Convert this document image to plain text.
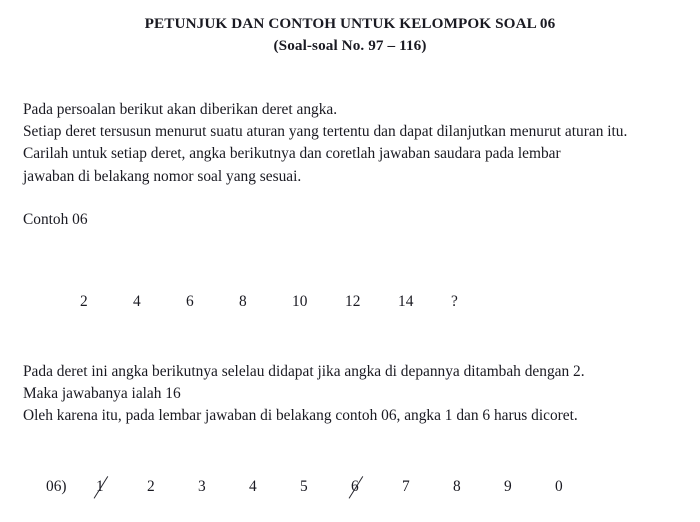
PETUNJUK DAN CONTOH UNTUK KELOMPOK SOAL 06
(Soal-soal No. 97 – 116)

Pada persoalan berikut akan diberikan deret angka.

Setiap deret tersusun menurut suatu aturan yang tertentu dan dapat dilanjutkan menurut aturan itu.

Carilah untuk setiap deret, angka berikutnya dan coretlah jawaban saudara pada lembar
jawaban di belakang nomor soal yang sesuai.

Contoh 06

2	4	6	8	10	12	14	?

Pada deret ini angka berikutnya selelau didapat jika angka di depannya ditambah dengan 2.

Maka jawabanya ialah 16

Oleh karena itu, pada lembar jawaban di belakang contoh 06, angka 1 dan 6 harus dicoret.

06)	1	2	3	4	5	6	7	8	9	0
